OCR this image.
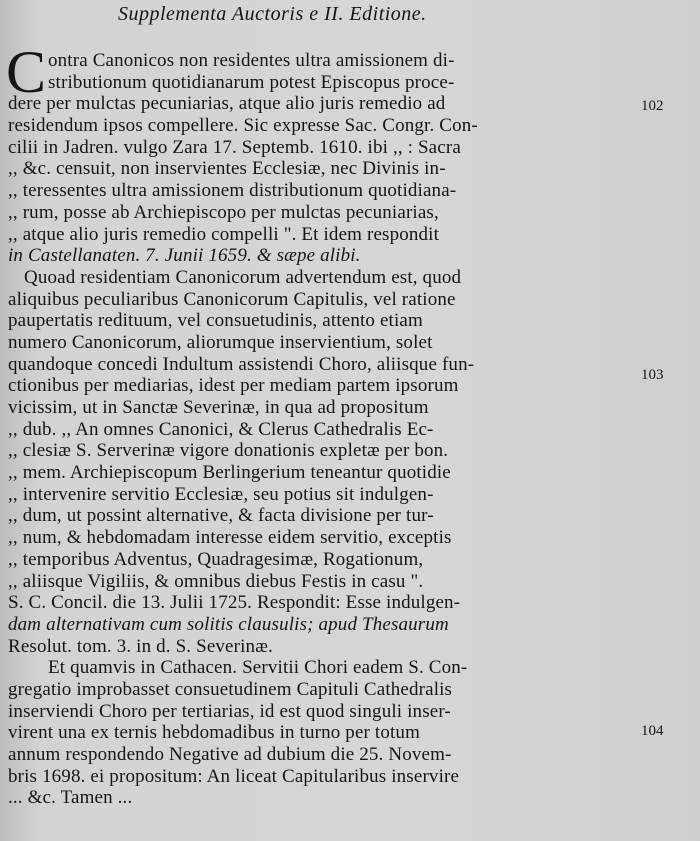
Supplementa Auctoris e II. Editione.
C ontra Canonicos non residentes ultra amissionem di-
stributionum quotidianarum potest Episcopus proce-
dere per mulctas pecuniarias, atque alio juris remedio ad
residendum ipsos compellere. Sic expresse Sac. Congr. Con-
cilii in Jadren. vulgo Zara 17. Septemb. 1610. ibi ,, : Sacra
,, &c. censuit, non inservientes Ecclesiæ, nec Divinis in-
,, teressentes ultra amissionem distributionum quotidiana-
,, rum, posse ab Archiepiscopo per mulctas pecuniarias,
,, atque alio juris remedio compelli ". Et idem respondit
in Castellanaten. 7. Junii 1659. & sæpe alibi.
Quoad residentiam Canonicorum advertendum est, quod
aliquibus peculiaribus Canonicorum Capitulis, vel ratione
paupertatis redituum, vel consuetudinis, attento etiam
numero Canonicorum, aliorumque inservientium, solet
quandoque concedi Indultum assistendi Choro, aliisque fun-
ctionibus per mediarias, idest per mediam partem ipsorum
vicissim, ut in Sanctæ Severinæ, in qua ad propositum
,, dub. ,, An omnes Canonici, & Clerus Cathedralis Ec-
,, clesiæ S. Serverinæ vigore donationis expletæ per bon.
,, mem. Archiepiscopum Berlingerium teneantur quotidie
,, intervenire servitio Ecclesiæ, seu potius sit indulgen-
,, dum, ut possint alternative, & facta divisione per tur-
,, num, & hebdomadam interesse eidem servitio, exceptis
,, temporibus Adventus, Quadragesimæ, Rogationum,
,, aliisque Vigiliis, & omnibus diebus Festis in casu ".
S. C. Concil. die 13. Julii 1725. Respondit: Esse indulgen-
dam alternativam cum solitis clausulis; apud Thesaurum
Resolut. tom. 3. in d. S. Severinæ.
Et quamvis in Cathacen. Servitii Chori eadem S. Con-
gregatio improbasset consuetudinem Capituli Cathedralis
inserviendi Choro per tertiarias, id est quod singuli inser-
virent una ex ternis hebdomadibus in turno per totum
annum respondendo Negative ad dubium die 25. Novem-
bris 1698. ei propositum: An liceat Capitularibus inservire
... &c. Tamen ...
102
103
104
